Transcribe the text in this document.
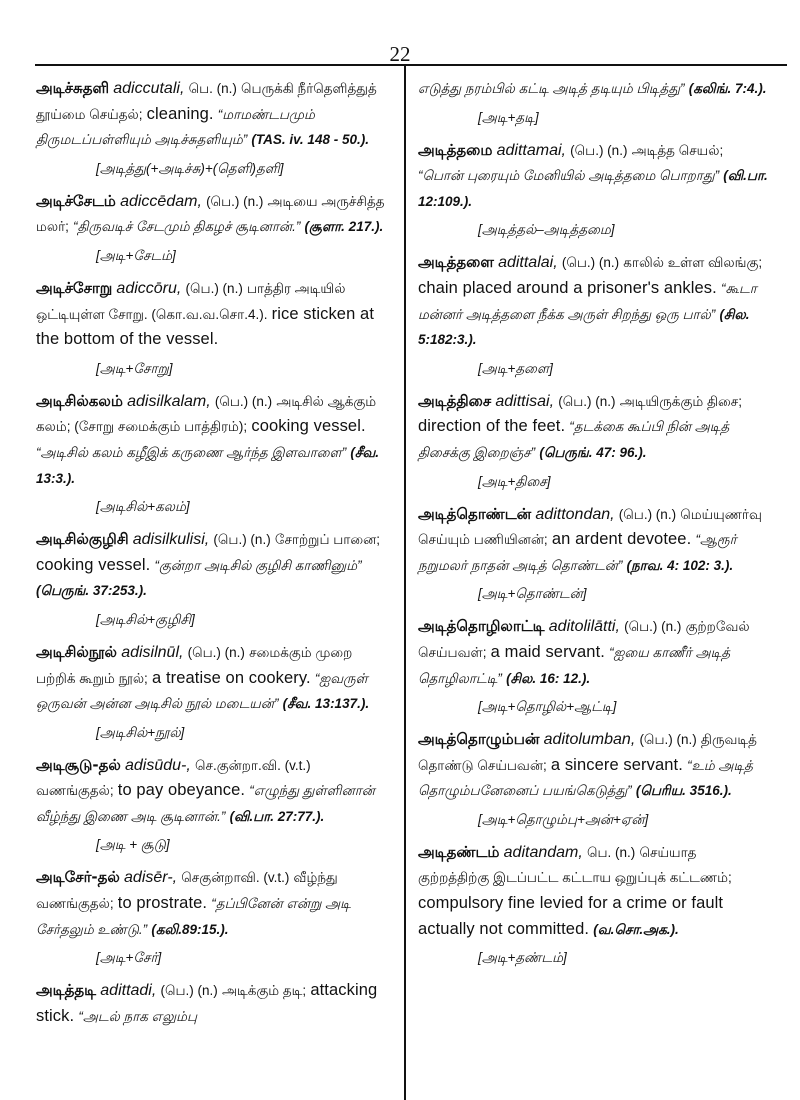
22
அடிச்சுதளி adiccutali, பெ. (n.) பெருக்கி நீர்தெளித்துத் தூய்மை செய்தல்; cleaning. “மாமண்டபமும் திருமடப்பள்ளியும் அடிச்சுதளியும்” (TAS. iv. 148 - 50.).
[அடித்து(+அடிச்சு)+(தெளி)தளி]
அடிச்சேடம் adiccēdam, (பெ.) (n.) அடியை அருச்சித்த மலர்; “திருவடிச் சேடமும் திகழச் சூடினான்.” (சூளா. 217.).
[அடி+சேடம்]
அடிச்சோறு adiccōru, (பெ.) (n.) பாத்திர அடியில் ஒட்டியுள்ள சோறு. (கொ.வ.வ.சொ.4.). rice sticken at the bottom of the vessel.
[அடி+சோறு]
அடிசில்கலம் adisilkalam, (பெ.) (n.) அடிசில் ஆக்கும் கலம்; (சோறு சமைக்கும் பாத்திரம்); cooking vessel. “அடிசில் கலம் கழீஇக் கருணை ஆர்ந்த இளவாளை” (சீவ. 13:3.).
[அடிசில்+கலம்]
அடிசில்குழிசி adisilkulisi, (பெ.) (n.) சோற்றுப் பானை; cooking vessel. “குன்றா அடிசில் குழிசி காணினும்” (பெருங். 37:253.).
[அடிசில்+குழிசி]
அடிசில்நூல் adisilnūl, (பெ.) (n.) சமைக்கும் முறை பற்றிக் கூறும் நூல்; a treatise on cookery. “ஐவருள் ஒருவன் அன்ன அடிசில் நூல் மடையன்” (சீவ. 13:137.).
[அடிசில்+நூல்]
அடிசூடு-தல் adisūdu-, செ.குன்றா.வி. (v.t.) வணங்குதல்; to pay obeyance. “எழுந்து துள்ளினான் வீழ்ந்து இணை அடி சூடினான்.” (வி.பா. 27:77.).
[அடி + சூடு]
அடிசேர்-தல் adisēr-, செகுன்றாவி. (v.t.) வீழ்ந்து வணங்குதல்; to prostrate. “தப்பினேன் என்று அடி சேர்தலும் உண்டு.” (கலி.89:15.).
[அடி+சேர்]
அடித்தடி adittadi, (பெ.) (n.) அடிக்கும் தடி; attacking stick. “அடல் நாக எலும்பு
எடுத்து நரம்பில் கட்டி அடித் தடியும் பிடித்து” (கலிங். 7:4.).
[அடி+தடி]
அடித்தமை adittamai, (பெ.) (n.) அடித்த செயல்; “பொன் புரையும் மேனியில் அடித்தமை பொறாது” (வி.பா. 12:109.).
[அடித்தல்–அடித்தமை]
அடித்தளை adittalai, (பெ.) (n.) காலில் உள்ள விலங்கு; chain placed around a prisoner's ankles. “கூடா மன்னர் அடித்தளை நீக்க அருள் சிறந்து ஒரு பால்” (சில. 5:182:3.).
[அடி+தளை]
அடித்திசை adittisai, (பெ.) (n.) அடியிருக்கும் திசை; direction of the feet. “தடக்கை கூப்பி நின் அடித் திசைக்கு இறைஞ்ச” (பெருங். 47: 96.).
[அடி+திசை]
அடித்தொண்டன் adittondan, (பெ.) (n.) மெய்யுணர்வு செய்யும் பணியினன்; an ardent devotee. “ஆரூர் நறுமலர் நாதன் அடித் தொண்டன்” (நாவ. 4: 102: 3.).
[அடி+தொண்டன்]
அடித்தொழிலாட்டி aditolilātti, (பெ.) (n.) குற்றவேல் செய்பவள்; a maid servant. “ஐயை காணீர் அடித் தொழிலாட்டி” (சில. 16: 12.).
[அடி+தொழில்+ஆட்டி]
அடித்தொழும்பன் aditolumban, (பெ.) (n.) திருவடித் தொண்டு செய்பவன்; a sincere servant. “உம் அடித் தொழும்பனேனைப் பயங்கெடுத்து” (பெரிய. 3516.).
[அடி+தொழும்பு+அன்+ஏன்]
அடிதண்டம் aditandam, பெ. (n.) செய்யாத குற்றத்திற்கு இடப்பட்ட கட்டாய ஒறுப்புக் கட்டணம்; compulsory fine levied for a crime or fault actually not committed. (வ.சொ.அக.).
[அடி+தண்டம்]
